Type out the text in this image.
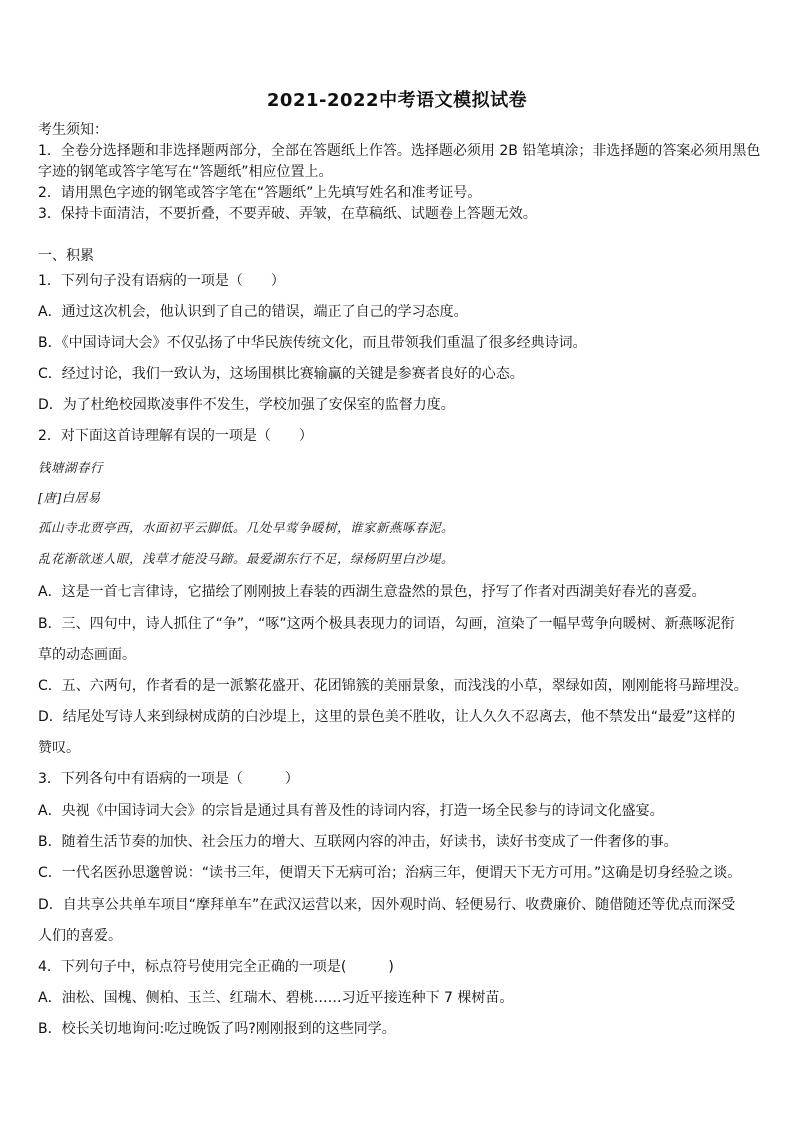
2021-2022中考语文模拟试卷
考生须知：
1．全卷分选择题和非选择题两部分，全部在答题纸上作答。选择题必须用 2B 铅笔填涂；非选择题的答案必须用黑色
字迹的钢笔或答字笔写在“答题纸”相应位置上。
2．请用黑色字迹的钢笔或答字笔在“答题纸”上先填写姓名和准考证号。
3．保持卡面清洁，不要折叠，不要弄破、弄皱，在草稿纸、试题卷上答题无效。
一、积累
1．下列句子没有语病的一项是（　　）
A．通过这次机会，他认识到了自己的错误，端正了自己的学习态度。
B．《中国诗词大会》不仅弘扬了中华民族传统文化，而且带领我们重温了很多经典诗词。
C．经过讨论，我们一致认为，这场围棋比赛输赢的关键是参赛者良好的心态。
D．为了杜绝校园欺凌事件不发生，学校加强了安保室的监督力度。
2．对下面这首诗理解有误的一项是（　　）
钱塘湖春行
[唐]白居易
孤山寺北贾亭西，水面初平云脚低。几处早莺争暖树，谁家新燕啄春泥。
乱花渐欲迷人眼，浅草才能没马蹄。最爱湖东行不足，绿杨阴里白沙堤。
A．这是一首七言律诗，它描绘了刚刚披上春装的西湖生意盎然的景色，抒写了作者对西湖美好春光的喜爱。
B．三、四句中，诗人抓住了“争”，“啄”这两个极具表现力的词语，勾画，渲染了一幅早莺争向暖树、新燕啄泥衔
草的动态画面。
C．五、六两句，作者看的是一派繁花盛开、花团锦簇的美丽景象，而浅浅的小草，翠绿如茵，刚刚能将马蹄埋没。
D．结尾处写诗人来到绿树成荫的白沙堤上，这里的景色美不胜收，让人久久不忍离去，他不禁发出“最爱”这样的
赞叹。
3．下列各句中有语病的一项是（　　　）
A．央视《中国诗词大会》的宗旨是通过具有普及性的诗词内容，打造一场全民参与的诗词文化盛宴。
B．随着生活节奏的加快、社会压力的增大、互联网内容的冲击，好读书，读好书变成了一件奢侈的事。
C．一代名医孙思邈曾说：“读书三年，便谓天下无病可治；治病三年，便谓天下无方可用。”这确是切身经验之谈。
D．自共享公共单车项目“摩拜单车”在武汉运营以来，因外观时尚、轻便易行、收费廉价、随借随还等优点而深受
人们的喜爱。
4．下列句子中，标点符号使用完全正确的一项是(　　　)
A．油松、国槐、侧柏、玉兰、红瑞木、碧桃……习近平接连种下 7 棵树苗。
B．校长关切地询问:吃过晚饭了吗?刚刚报到的这些同学。
